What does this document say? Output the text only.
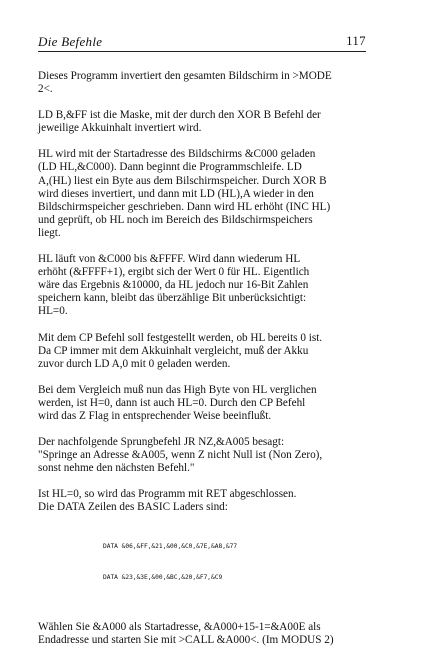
Die Befehle	117

Dieses Programm invertiert den gesamten Bildschirm in >MODE
2<.

LD B,&FF ist die Maske, mit der durch den XOR B Befehl der
jeweilige Akkuinhalt invertiert wird.

HL wird mit der Startadresse des Bildschirms &C000 geladen
(LD HL,&C000). Dann beginnt die Programmschleife. LD
A,(HL) liest ein Byte aus dem Bilschirmspeicher. Durch XOR B
wird dieses invertiert, und dann mit LD (HL),A wieder in den
Bildschirmspeicher geschrieben. Dann wird HL erhöht (INC HL)
und geprüft, ob HL noch im Bereich des Bildschirmspeichers
liegt.

HL läuft von &C000 bis &FFFF. Wird dann wiederum HL
erhöht (&FFFF+1), ergibt sich der Wert 0 für HL. Eigentlich
wäre das Ergebnis &10000, da HL jedoch nur 16-Bit Zahlen
speichern kann, bleibt das überzählige Bit unberücksichtigt:
HL=0.

Mit dem CP Befehl soll festgestellt werden, ob HL bereits 0 ist.
Da CP immer mit dem Akkuinhalt vergleicht, muß der Akku
zuvor durch LD A,0 mit 0 geladen werden.

Bei dem Vergleich muß nun das High Byte von HL verglichen
werden, ist H=0, dann ist auch HL=0. Durch den CP Befehl
wird das Z Flag in entsprechender Weise beeinflußt.

Der nachfolgende Sprungbefehl JR NZ,&A005 besagt:
"Springe an Adresse &A005, wenn Z nicht Null ist (Non Zero),
sonst nehme den nächsten Befehl."

Ist HL=0, so wird das Programm mit RET abgeschlossen.
Die DATA Zeilen des BASIC Laders sind:

DATA &06,&FF,&21,&00,&C0,&7E,&A8,&77

DATA &23,&3E,&00,&BC,&20,&F7,&C9

Wählen Sie &A000 als Startadresse, &A000+15-1=&A00E als
Endadresse und starten Sie mit >CALL &A000<. (Im MODUS 2)
